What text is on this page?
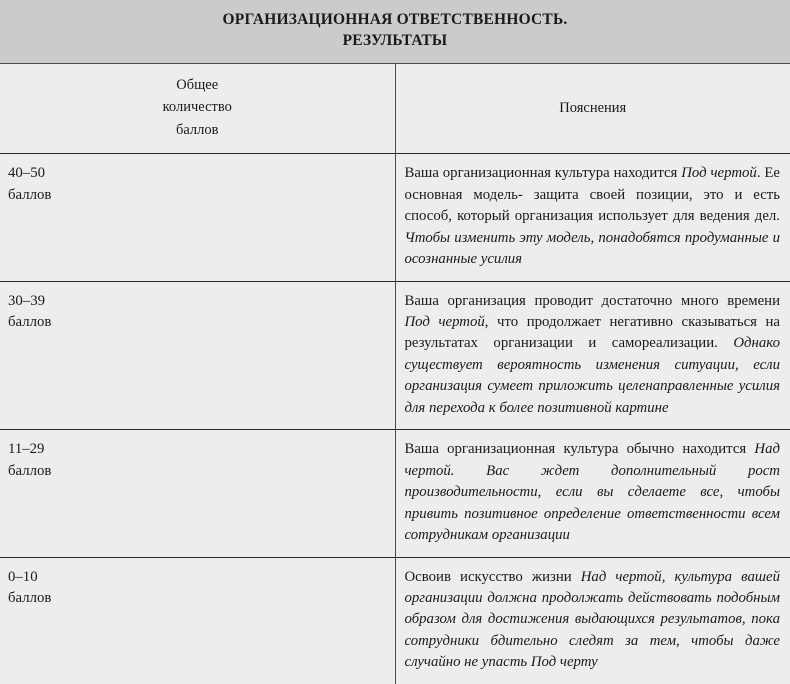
ОРГАНИЗАЦИОННАЯ ОТВЕТСТВЕННОСТЬ.
РЕЗУЛЬТАТЫ	

Общее
количество
баллов	Пояснения

40–50
баллов	Ваша организационная культура находится Под чертой. Ее основная модель- защита своей позиции, это и есть способ, который организация использует для ведения дел. Чтобы изменить эту модель, понадобятся продуманные и осознанные усилия

30–39
баллов	Ваша организация проводит достаточно много времени Под чертой, что продолжает негативно сказываться на результатах организации и самореализации. Однако существует вероятность изменения ситуации, если организация сумеет приложить целенаправленные усилия для перехода к более позитивной картине

11–29
баллов	Ваша организационная культура обычно находится Над чертой. Вас ждет дополнительный рост производительности, если вы сделаете все, чтобы привить позитивное определение ответственности всем сотрудникам организации

0–10
баллов	Освоив искусство жизни Над чертой, культура вашей организации должна продолжать действовать подобным образом для достижения выдающихся результатов, пока сотрудники бдительно следят за тем, чтобы даже случайно не упасть Под черту
